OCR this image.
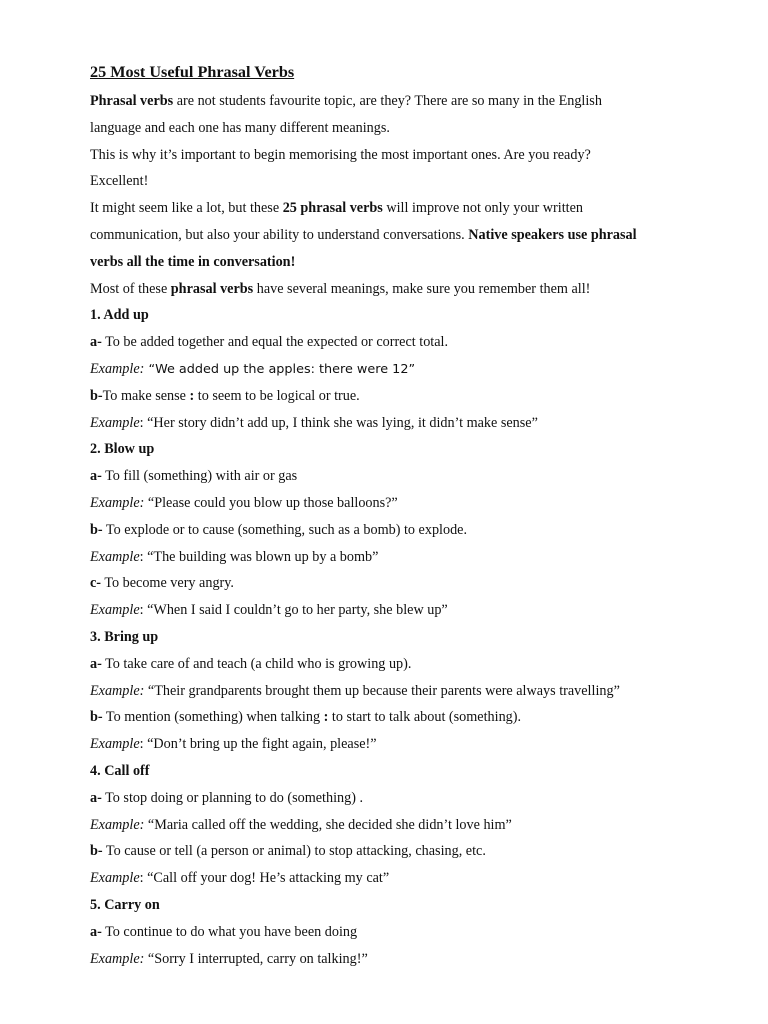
25 Most Useful Phrasal Verbs
Phrasal verbs are not students favourite topic, are they? There are so many in the English
language and each one has many different meanings.
This is why it’s important to begin memorising the most important ones. Are you ready?
Excellent!
It might seem like a lot, but these 25 phrasal verbs will improve not only your written
communication, but also your ability to understand conversations. Native speakers use phrasal
verbs all the time in conversation!
Most of these phrasal verbs have several meanings, make sure you remember them all!
1. Add up
a- To be added together and equal the expected or correct total.
Example: “We added up the apples: there were 12”
b-To make sense : to seem to be logical or true.
Example: “Her story didn’t add up, I think she was lying, it didn’t make sense”
2. Blow up
a- To fill (something) with air or gas
Example: “Please could you blow up those balloons?”
b- To explode or to cause (something, such as a bomb) to explode.
Example: “The building was blown up by a bomb”
c- To become very angry.
Example: “When I said I couldn’t go to her party, she blew up”
3. Bring up
a- To take care of and teach (a child who is growing up).
Example: “Their grandparents brought them up because their parents were always travelling”
b- To mention (something) when talking : to start to talk about (something).
Example: “Don’t bring up the fight again, please!”
4. Call off
a- To stop doing or planning to do (something) .
Example: “Maria called off the wedding, she decided she didn’t love him”
b- To cause or tell (a person or animal) to stop attacking, chasing, etc.
Example: “Call off your dog! He’s attacking my cat”
5. Carry on
a- To continue to do what you have been doing
Example: “Sorry I interrupted, carry on talking!”
